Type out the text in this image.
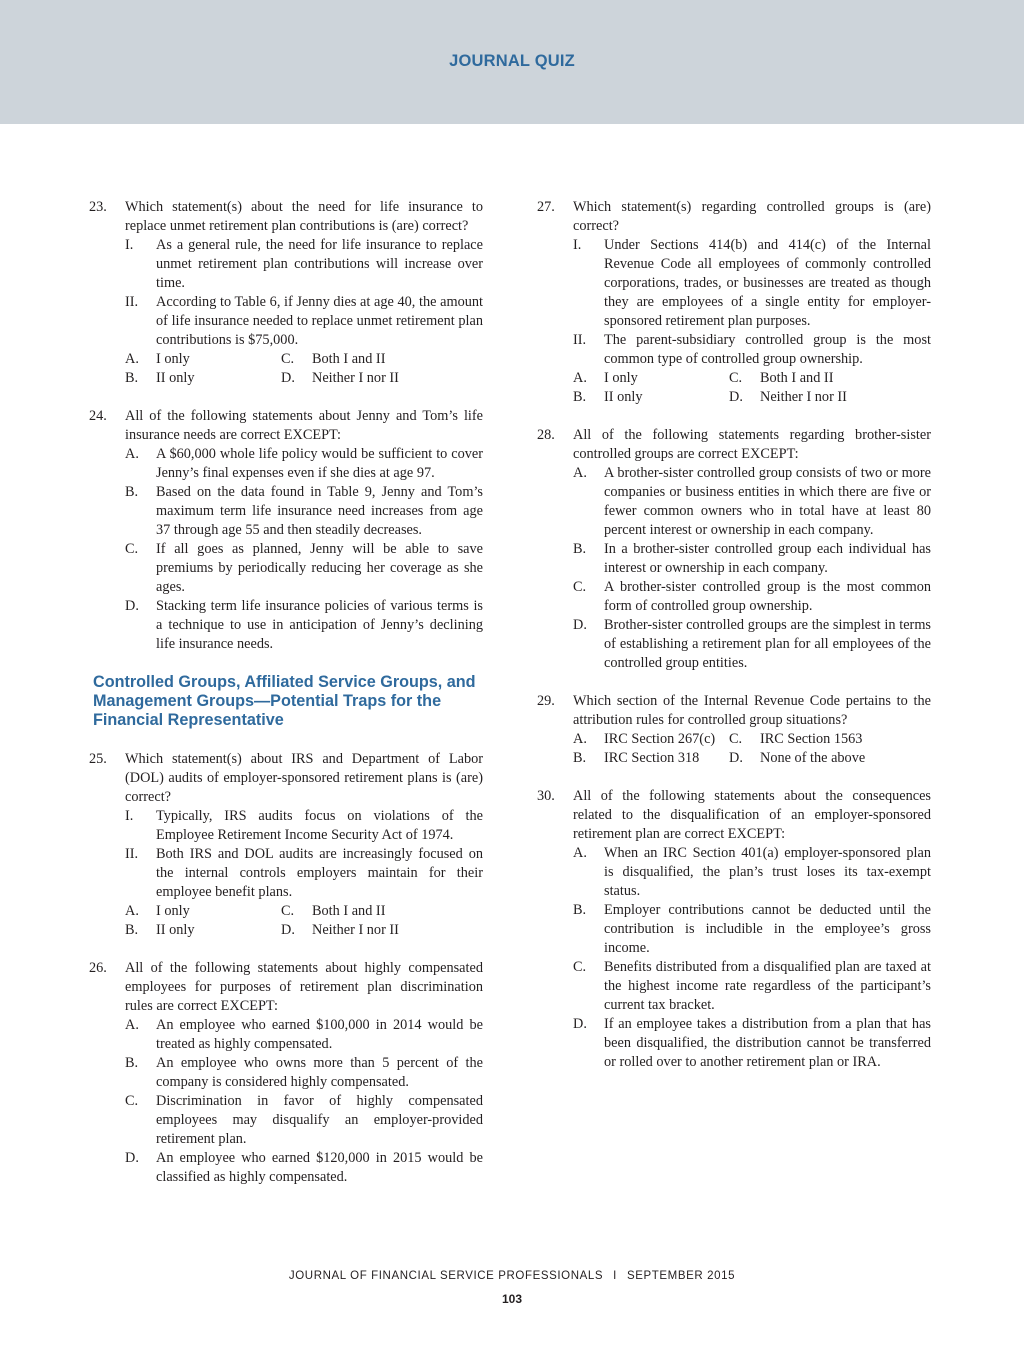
JOURNAL QUIZ
23. Which statement(s) about the need for life insurance to replace unmet retirement plan contributions is (are) correct?
I. As a general rule, the need for life insurance to replace unmet retirement plan contributions will increase over time.
II. According to Table 6, if Jenny dies at age 40, the amount of life insurance needed to replace unmet retirement plan contributions is $75,000.
A. I only	C. Both I and II
B. II only	D. Neither I nor II
24. All of the following statements about Jenny and Tom’s life insurance needs are correct EXCEPT:
A. A $60,000 whole life policy would be sufficient to cover Jenny’s final expenses even if she dies at age 97.
B. Based on the data found in Table 9, Jenny and Tom’s maximum term life insurance need increases from age 37 through age 55 and then steadily decreases.
C. If all goes as planned, Jenny will be able to save premiums by periodically reducing her coverage as she ages.
D. Stacking term life insurance policies of various terms is a technique to use in anticipation of Jenny’s declining life insurance needs.
Controlled Groups, Affiliated Service Groups, and Management Groups—Potential Traps for the Financial Representative
25. Which statement(s) about IRS and Department of Labor (DOL) audits of employer-sponsored retirement plans is (are) correct?
I. Typically, IRS audits focus on violations of the Employee Retirement Income Security Act of 1974.
II. Both IRS and DOL audits are increasingly focused on the internal controls employers maintain for their employee benefit plans.
A. I only	C. Both I and II
B. II only	D. Neither I nor II
26. All of the following statements about highly compensated employees for purposes of retirement plan discrimination rules are correct EXCEPT:
A. An employee who earned $100,000 in 2014 would be treated as highly compensated.
B. An employee who owns more than 5 percent of the company is considered highly compensated.
C. Discrimination in favor of highly compensated employees may disqualify an employer-provided retirement plan.
D. An employee who earned $120,000 in 2015 would be classified as highly compensated.
27. Which statement(s) regarding controlled groups is (are) correct?
I. Under Sections 414(b) and 414(c) of the Internal Revenue Code all employees of commonly controlled corporations, trades, or businesses are treated as though they are employees of a single entity for employer-sponsored retirement plan purposes.
II. The parent-subsidiary controlled group is the most common type of controlled group ownership.
A. I only	C. Both I and II
B. II only	D. Neither I nor II
28. All of the following statements regarding brother-sister controlled groups are correct EXCEPT:
A. A brother-sister controlled group consists of two or more companies or business entities in which there are five or fewer common owners who in total have at least 80 percent interest or ownership in each company.
B. In a brother-sister controlled group each individual has interest or ownership in each company.
C. A brother-sister controlled group is the most common form of controlled group ownership.
D. Brother-sister controlled groups are the simplest in terms of establishing a retirement plan for all employees of the controlled group entities.
29. Which section of the Internal Revenue Code pertains to the attribution rules for controlled group situations?
A. IRC Section 267(c) C. IRC Section 1563
B. IRC Section 318	D. None of the above
30. All of the following statements about the consequences related to the disqualification of an employer-sponsored retirement plan are correct EXCEPT:
A. When an IRC Section 401(a) employer-sponsored plan is disqualified, the plan’s trust loses its tax-exempt status.
B. Employer contributions cannot be deducted until the contribution is includible in the employee’s gross income.
C. Benefits distributed from a disqualified plan are taxed at the highest income rate regardless of the participant’s current tax bracket.
D. If an employee takes a distribution from a plan that has been disqualified, the distribution cannot be transferred or rolled over to another retirement plan or IRA.
JOURNAL OF FINANCIAL SERVICE PROFESSIONALS I SEPTEMBER 2015
103
